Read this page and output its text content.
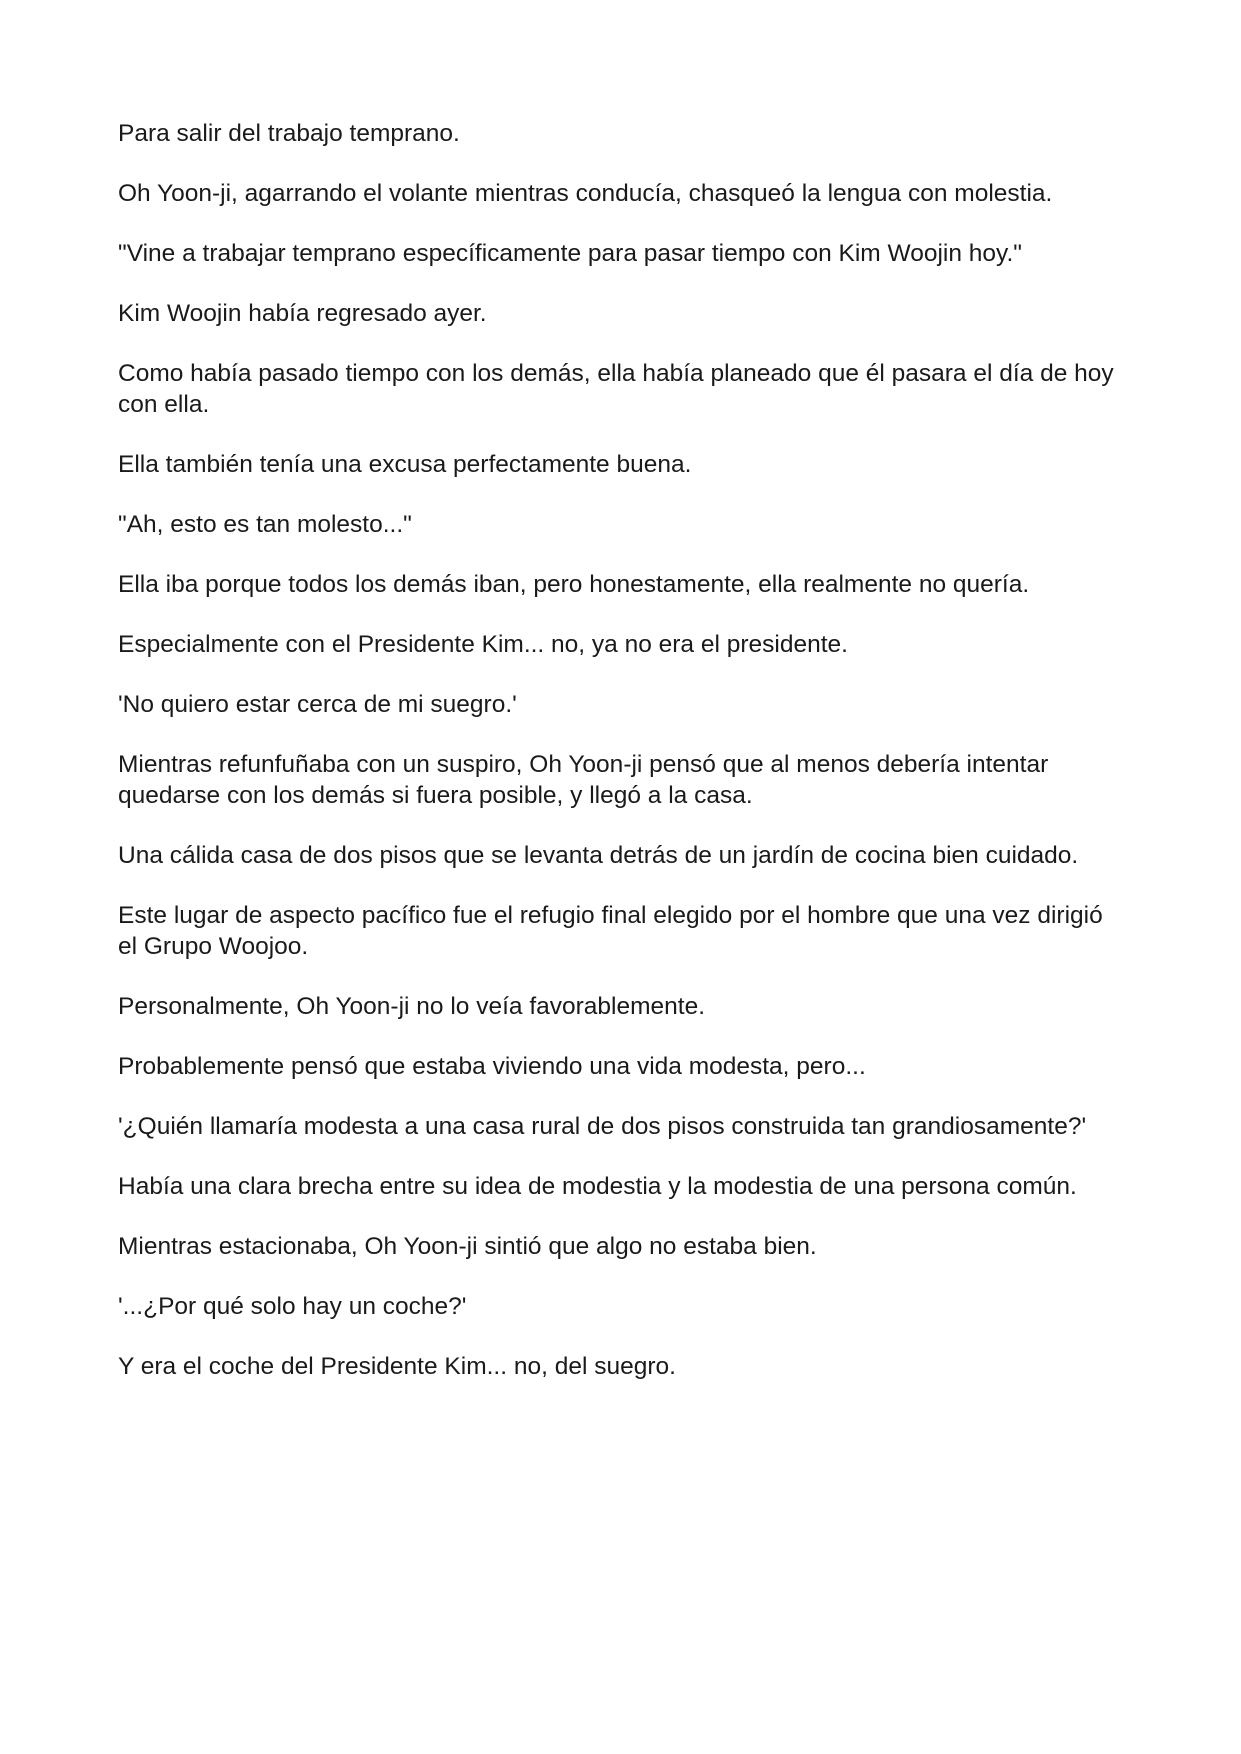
Para salir del trabajo temprano.

Oh Yoon-ji, agarrando el volante mientras conducía, chasqueó la lengua con molestia.

"Vine a trabajar temprano específicamente para pasar tiempo con Kim Woojin hoy."

Kim Woojin había regresado ayer.

Como había pasado tiempo con los demás, ella había planeado que él pasara el día de hoy con ella.

Ella también tenía una excusa perfectamente buena.

"Ah, esto es tan molesto..."

Ella iba porque todos los demás iban, pero honestamente, ella realmente no quería.

Especialmente con el Presidente Kim... no, ya no era el presidente.

'No quiero estar cerca de mi suegro.'

Mientras refunfuñaba con un suspiro, Oh Yoon-ji pensó que al menos debería intentar quedarse con los demás si fuera posible, y llegó a la casa.

Una cálida casa de dos pisos que se levanta detrás de un jardín de cocina bien cuidado.

Este lugar de aspecto pacífico fue el refugio final elegido por el hombre que una vez dirigió el Grupo Woojoo.

Personalmente, Oh Yoon-ji no lo veía favorablemente.

Probablemente pensó que estaba viviendo una vida modesta, pero...

'¿Quién llamaría modesta a una casa rural de dos pisos construida tan grandiosamente?'

Había una clara brecha entre su idea de modestia y la modestia de una persona común.

Mientras estacionaba, Oh Yoon-ji sintió que algo no estaba bien.

'...¿Por qué solo hay un coche?'

Y era el coche del Presidente Kim... no, del suegro.
